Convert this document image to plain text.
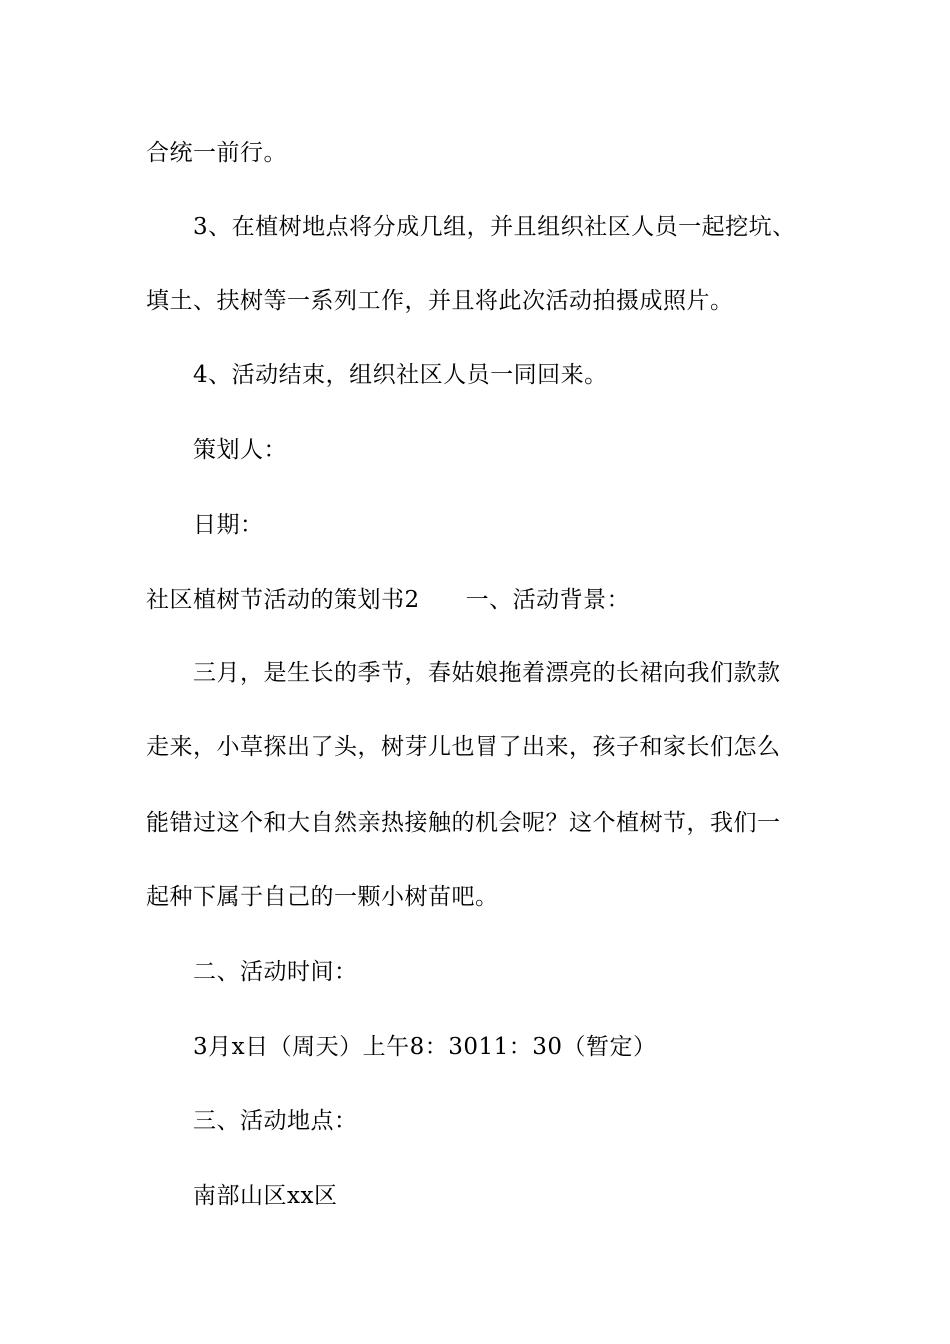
合统一前行。
3、在植树地点将分成几组，并且组织社区人员一起挖坑、
填土、扶树等一系列工作，并且将此次活动拍摄成照片。
4、活动结束，组织社区人员一同回来。
策划人：
日期：
社区植树节活动的策划书2 一、活动背景：
三月，是生长的季节，春姑娘拖着漂亮的长裙向我们款款
走来，小草探出了头，树芽儿也冒了出来，孩子和家长们怎么
能错过这个和大自然亲热接触的机会呢？这个植树节，我们一
起种下属于自己的一颗小树苗吧。
二、活动时间：
3月x日（周天）上午8：3011：30（暂定）
三、活动地点：
南部山区xx区
